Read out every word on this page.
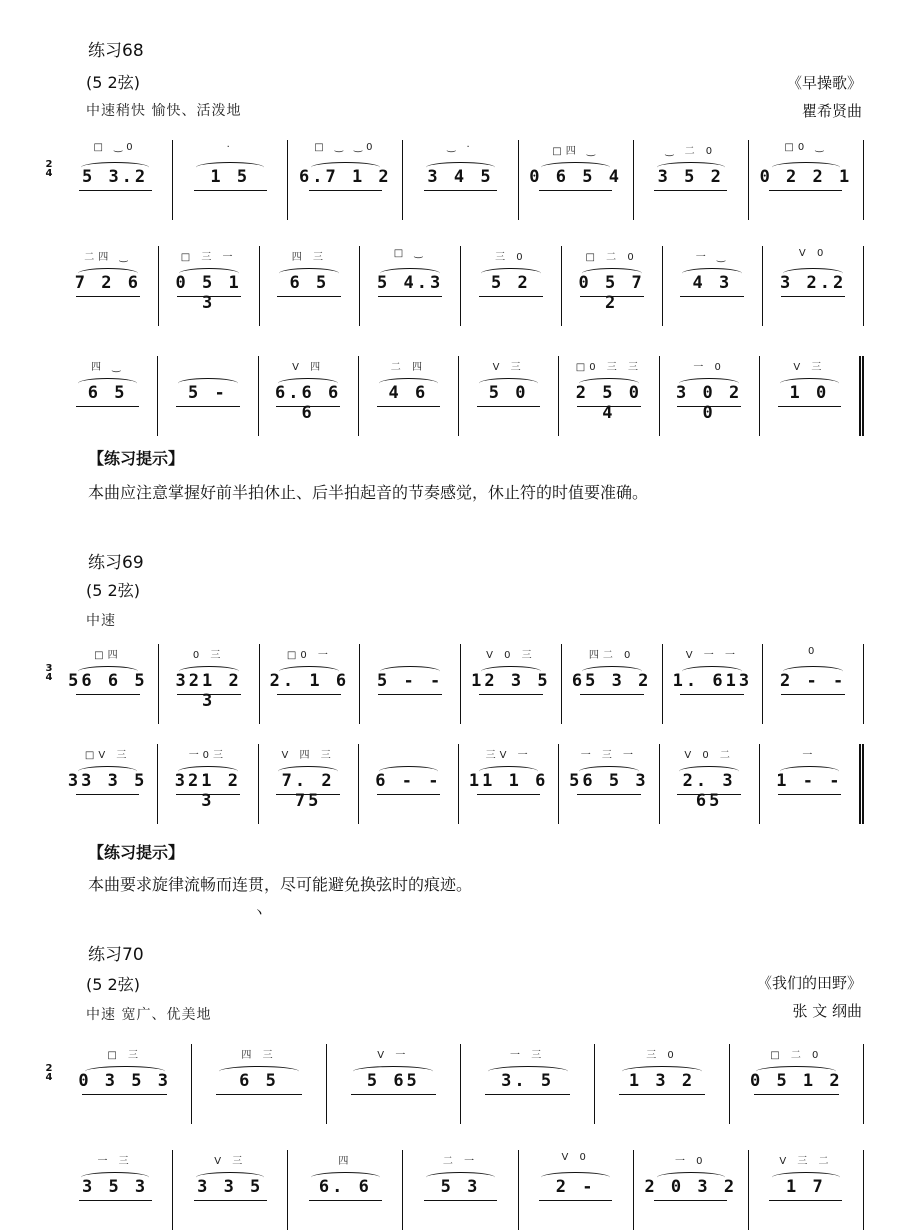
练习68
(5 2弦)
中速稍快 愉快、活泼地
《早操歌》
瞿希贤曲
2
4
□ ‿0
5 3.2
·
1 5
□ ‿ ‿0
6.7 1 2
‿ ·
3 4 5
□四 ‿
0 6 5 4
‿ 二 0
3 5 2
□0 ‿
0 2 2 1
二四 ‿
7 2 6
□ 三 一
0 5 1 3
四 三
6 5
□ ‿
5 4.3
三 0
5 2
□ 二 0
0 5 7 2
一 ‿
4 3
V 0
3 2.2
四 ‿
6 5	5 -
V 四
6.6 6 6
二 四
4 6
V 三
5 0
□0 三 三
2 5 0 4
一 0
3 0 2 0
V 三
1 0
【练习提示】
本曲应注意掌握好前半拍休止、后半拍起音的节奏感觉，休止符的时值要准确。
练习69
(5 2弦)
中速
3
4
□四
56 6 5
0 三
321 2 3
□0 一
2. 1 6	5 - -
V 0 三
12 3 5
四二 0
65 3 2
V 一 一
1. 613
0
2 - -
□V 三
33 3 5
一0三
321 2 3
V 四 三
7. 2 75
6 - -
三V 一
11 1 6
一 三 一
56 5 3
V 0 二
2. 3 65
一
1 - -
【练习提示】
本曲要求旋律流畅而连贯，尽可能避免换弦时的痕迹。
ヽ
练习70
(5 2弦)
中速 宽广、优美地
《我们的田野》
张 文 纲曲
2
4
□ 三
0 3 5 3
四 三
6 5
V 一
5 65
一 三
3. 5
三 0
1 3 2
□ 二 0
0 5 1 2
一 三
3 5 3
V 三
3 3 5
四
6. 6
二 一
5 3
V 0
2 -
一 0
2 0 3 2
V 三 二
1 7
